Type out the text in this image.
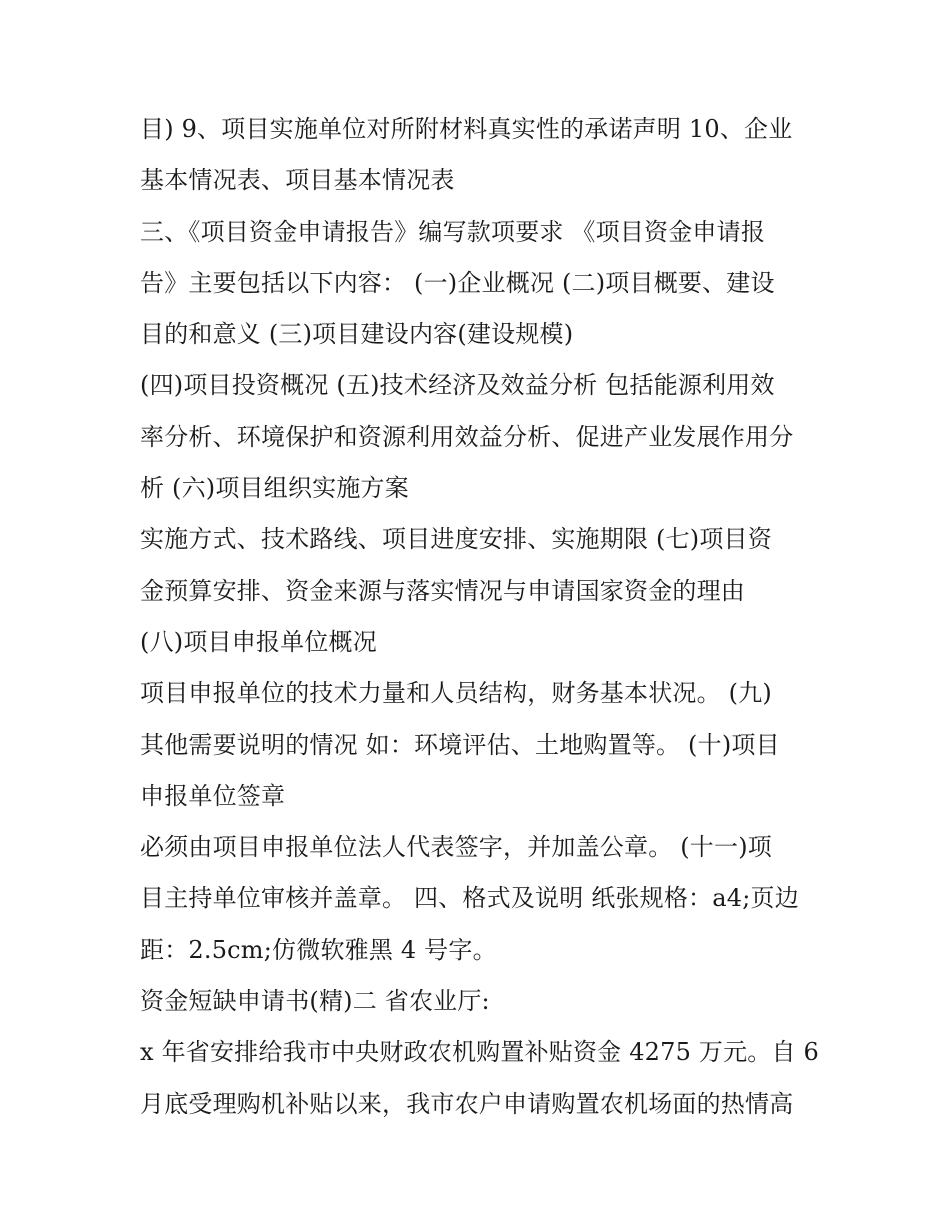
目) 9、项目实施单位对所附材料真实性的承诺声明 10、企业
基本情况表、项目基本情况表
三、《项目资金申请报告》编写款项要求 《项目资金申请报
告》主要包括以下内容： (一)企业概况 (二)项目概要、建设
目的和意义 (三)项目建设内容(建设规模)
(四)项目投资概况 (五)技术经济及效益分析 包括能源利用效
率分析、环境保护和资源利用效益分析、促进产业发展作用分
析 (六)项目组织实施方案
实施方式、技术路线、项目进度安排、实施期限 (七)项目资
金预算安排、资金来源与落实情况与申请国家资金的理由
(八)项目申报单位概况
项目申报单位的技术力量和人员结构，财务基本状况。 (九)
其他需要说明的情况 如：环境评估、土地购置等。 (十)项目
申报单位签章
必须由项目申报单位法人代表签字，并加盖公章。 (十一)项
目主持单位审核并盖章。 四、格式及说明 纸张规格：a4;页边
距：2.5cm;仿微软雅黑 4 号字。
资金短缺申请书(精)二 省农业厅:
x 年省安排给我市中央财政农机购置补贴资金 4275 万元。自 6
月底受理购机补贴以来，我市农户申请购置农机场面的热情高
